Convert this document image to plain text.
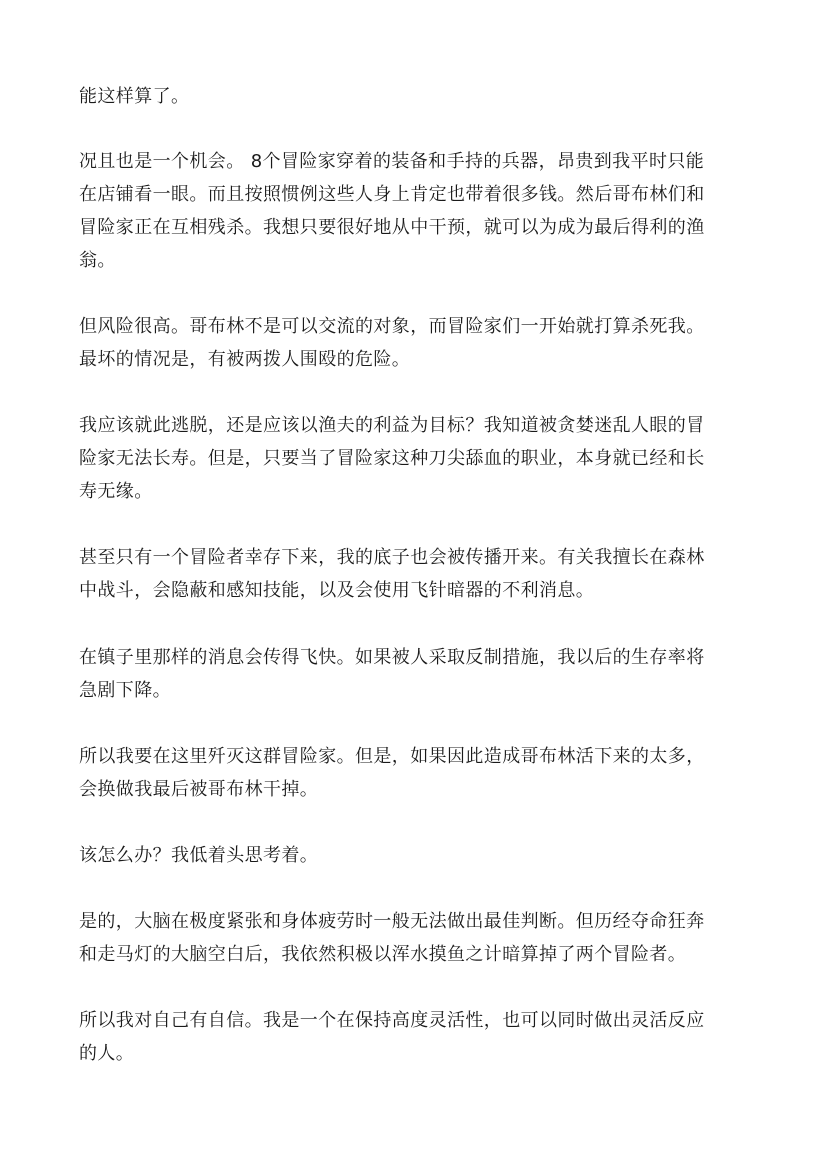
能这样算了。

况且也是一个机会。 8个冒险家穿着的装备和手持的兵器，昂贵到我平时只能
在店铺看一眼。而且按照惯例这些人身上肯定也带着很多钱。然后哥布林们和
冒险家正在互相残杀。我想只要很好地从中干预，就可以为成为最后得利的渔
翁。

但风险很高。哥布林不是可以交流的对象，而冒险家们一开始就打算杀死我。
最坏的情况是，有被两拨人围殴的危险。

我应该就此逃脱，还是应该以渔夫的利益为目标？我知道被贪婪迷乱人眼的冒
险家无法长寿。但是，只要当了冒险家这种刀尖舔血的职业，本身就已经和长
寿无缘。

甚至只有一个冒险者幸存下来，我的底子也会被传播开来。有关我擅长在森林
中战斗，会隐蔽和感知技能，以及会使用飞针暗器的不利消息。

在镇子里那样的消息会传得飞快。如果被人采取反制措施，我以后的生存率将
急剧下降。

所以我要在这里歼灭这群冒险家。但是，如果因此造成哥布林活下来的太多，
会换做我最后被哥布林干掉。

该怎么办？我低着头思考着。

是的，大脑在极度紧张和身体疲劳时一般无法做出最佳判断。但历经夺命狂奔
和走马灯的大脑空白后，我依然积极以浑水摸鱼之计暗算掉了两个冒险者。

所以我对自己有自信。我是一个在保持高度灵活性，也可以同时做出灵活反应
的人。
